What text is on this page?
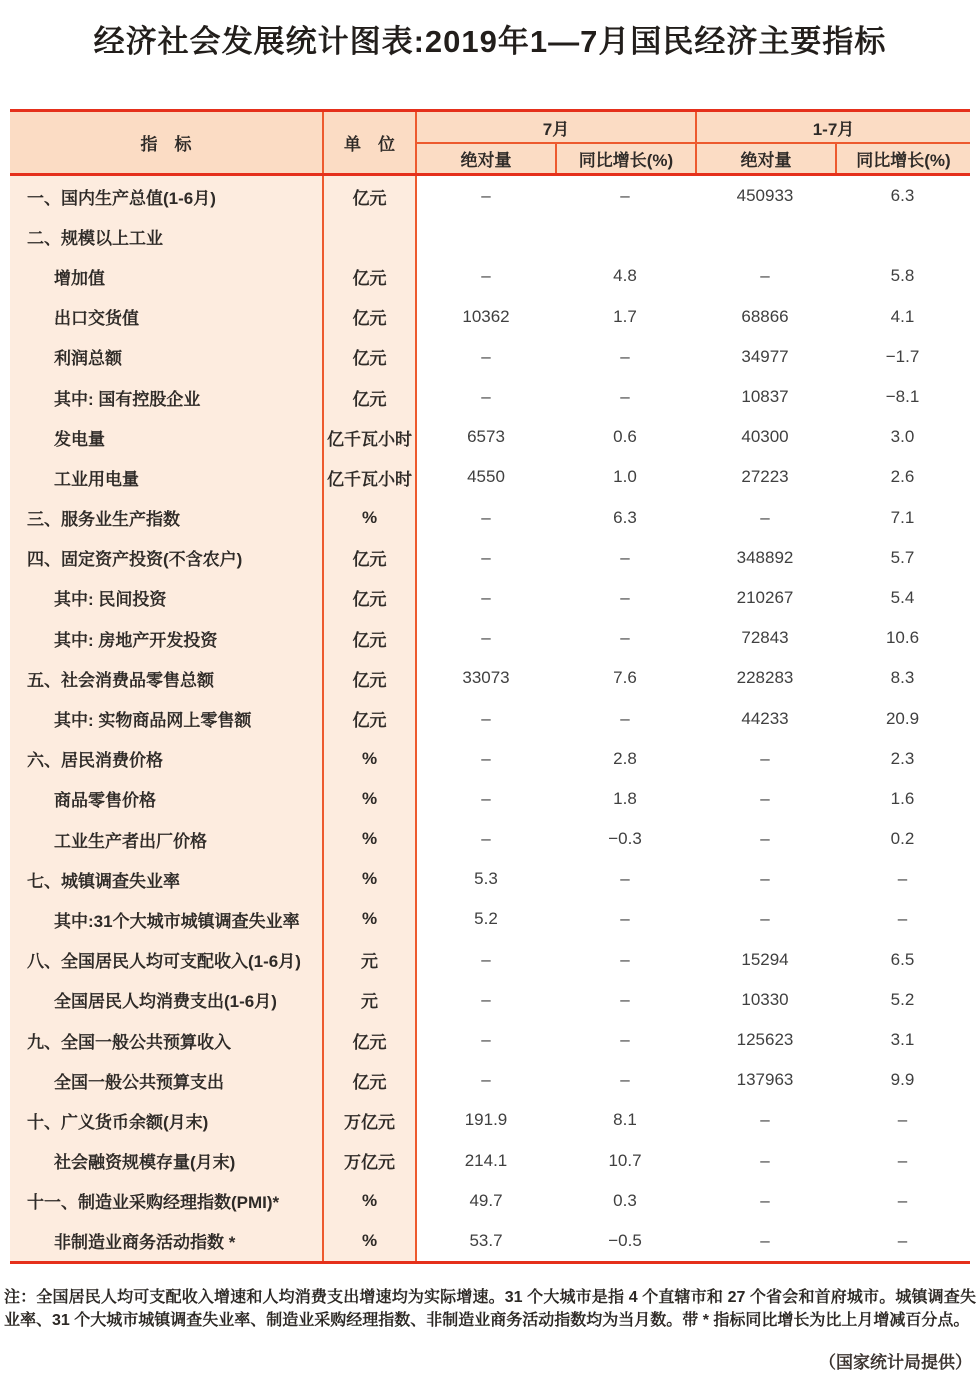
经济社会发展统计图表:2019年1—7月国民经济主要指标
指　标	单　位
7月	1-7月
绝对量	同比增长(%)	绝对量	同比增长(%)
一、国内生产总值(1-6月)	亿元	–	–	450933	6.3
二、规模以上工业
增加值	亿元	–	4.8	–	5.8
出口交货值	亿元	10362	1.7	68866	4.1
利润总额	亿元	–	–	34977	−1.7
其中: 国有控股企业	亿元	–	–	10837	−8.1
发电量	亿千瓦小时	6573	0.6	40300	3.0
工业用电量	亿千瓦小时	4550	1.0	27223	2.6
三、服务业生产指数	%	–	6.3	–	7.1
四、固定资产投资(不含农户)	亿元	–	–	348892	5.7
其中: 民间投资	亿元	–	–	210267	5.4
其中: 房地产开发投资	亿元	–	–	72843	10.6
五、社会消费品零售总额	亿元	33073	7.6	228283	8.3
其中: 实物商品网上零售额	亿元	–	–	44233	20.9
六、居民消费价格	%	–	2.8	–	2.3
商品零售价格	%	–	1.8	–	1.6
工业生产者出厂价格	%	–	−0.3	–	0.2
七、城镇调查失业率	%	5.3	–	–	–
其中:31个大城市城镇调查失业率	%	5.2	–	–	–
八、全国居民人均可支配收入(1-6月)	元	–	–	15294	6.5
全国居民人均消费支出(1-6月)	元	–	–	10330	5.2
九、全国一般公共预算收入	亿元	–	–	125623	3.1
全国一般公共预算支出	亿元	–	–	137963	9.9
十、广义货币余额(月末)	万亿元	191.9	8.1	–	–
社会融资规模存量(月末)	万亿元	214.1	10.7	–	–
十一、制造业采购经理指数(PMI)*	%	49.7	0.3	–	–
非制造业商务活动指数 *	%	53.7	−0.5	–	–

注：全国居民人均可支配收入增速和人均消费支出增速均为实际增速。31 个大城市是指 4 个直辖市和 27 个省会和首府城市。城镇调查失业率、31 个大城市城镇调查失业率、制造业采购经理指数、非制造业商务活动指数均为当月数。带 * 指标同比增长为比上月增减百分点。

（国家统计局提供）
